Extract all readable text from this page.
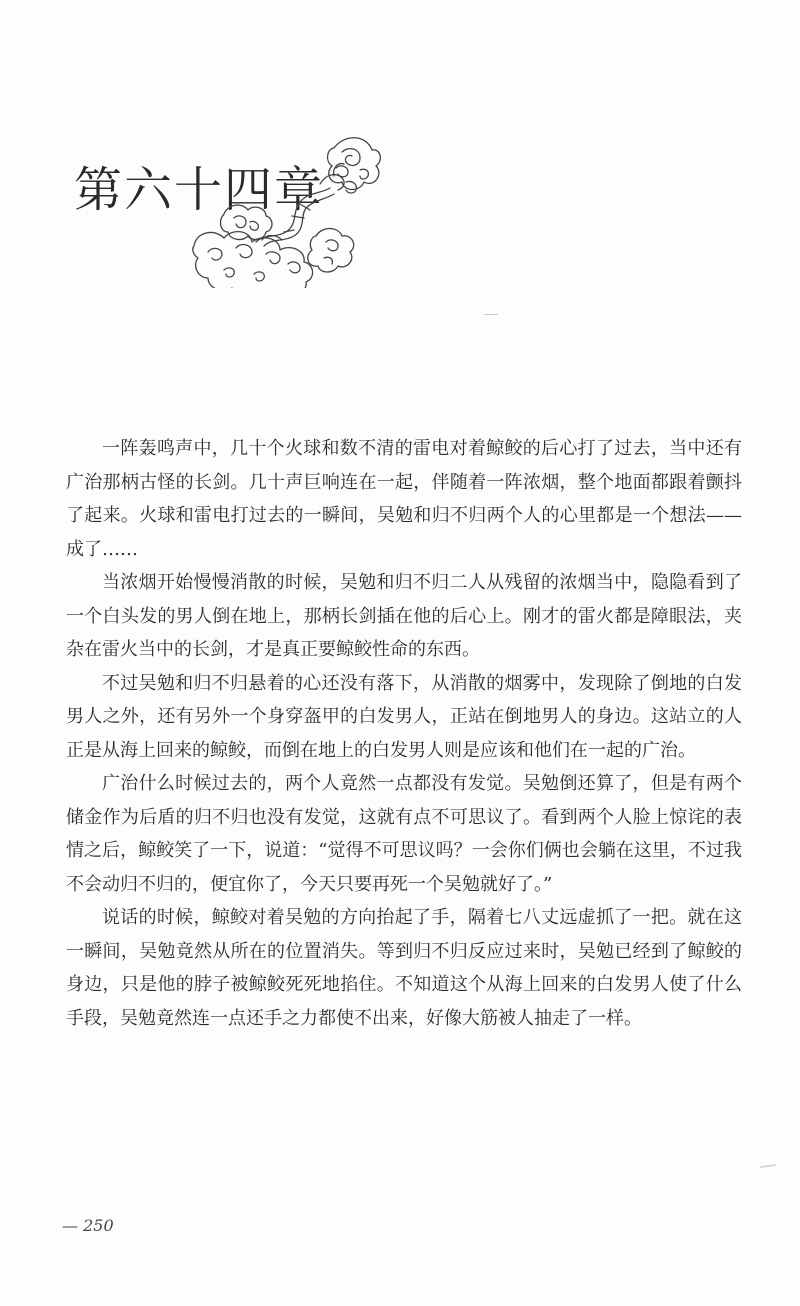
第六十四章

一阵轰鸣声中，几十个火球和数不清的雷电对着鲸鲛的后心打了过去，当中还有广治那柄古怪的长剑。几十声巨响连在一起，伴随着一阵浓烟，整个地面都跟着颤抖了起来。火球和雷电打过去的一瞬间，吴勉和归不归两个人的心里都是一个想法——成了……

当浓烟开始慢慢消散的时候，吴勉和归不归二人从残留的浓烟当中，隐隐看到了一个白头发的男人倒在地上，那柄长剑插在他的后心上。刚才的雷火都是障眼法，夹杂在雷火当中的长剑，才是真正要鲸鲛性命的东西。

不过吴勉和归不归悬着的心还没有落下，从消散的烟雾中，发现除了倒地的白发男人之外，还有另外一个身穿盔甲的白发男人，正站在倒地男人的身边。这站立的人正是从海上回来的鲸鲛，而倒在地上的白发男人则是应该和他们在一起的广治。

广治什么时候过去的，两个人竟然一点都没有发觉。吴勉倒还算了，但是有两个储金作为后盾的归不归也没有发觉，这就有点不可思议了。看到两个人脸上惊诧的表情之后，鲸鲛笑了一下，说道：“觉得不可思议吗？一会你们俩也会躺在这里，不过我不会动归不归的，便宜你了，今天只要再死一个吴勉就好了。”

说话的时候，鲸鲛对着吴勉的方向抬起了手，隔着七八丈远虚抓了一把。就在这一瞬间，吴勉竟然从所在的位置消失。等到归不归反应过来时，吴勉已经到了鲸鲛的身边，只是他的脖子被鲸鲛死死地掐住。不知道这个从海上回来的白发男人使了什么手段，吴勉竟然连一点还手之力都使不出来，好像大筋被人抽走了一样。

— 250
